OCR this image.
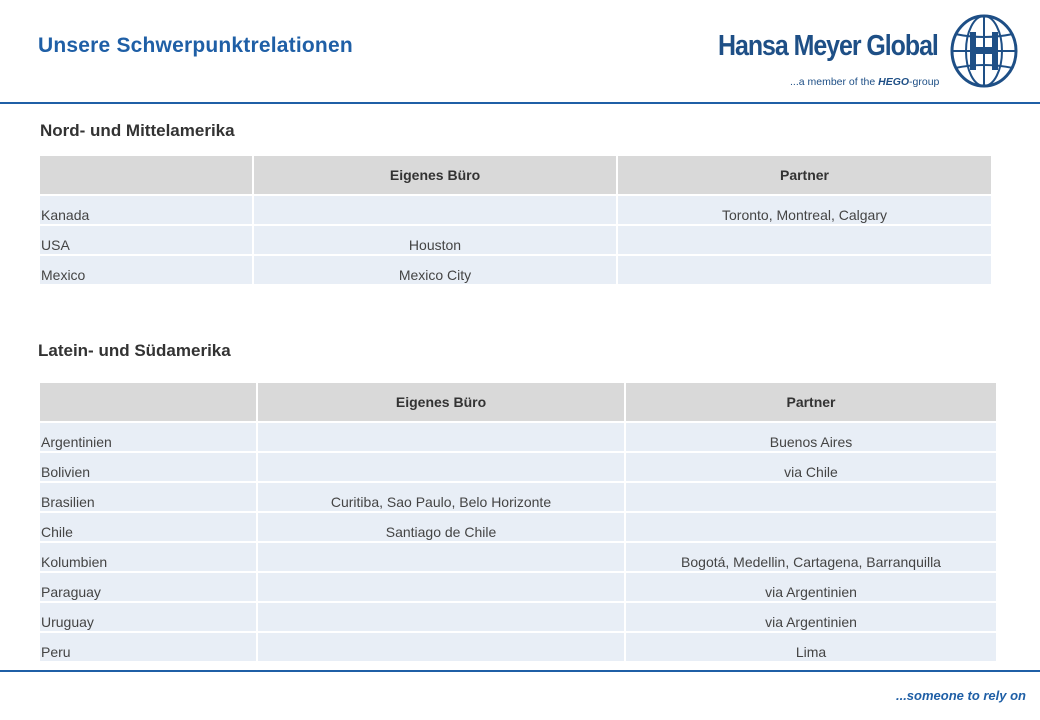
Unsere Schwerpunktrelationen	Hansa Meyer Global
...a member of the HEGO-group
Nord- und Mittelamerika
	Eigenes Büro	Partner
Kanada		Toronto, Montreal, Calgary
USA	Houston	
Mexico	Mexico City	
Latein- und Südamerika
	Eigenes Büro	Partner
Argentinien		Buenos Aires
Bolivien		via Chile
Brasilien	Curitiba, Sao Paulo, Belo Horizonte	
Chile	Santiago de Chile	
Kolumbien		Bogotá, Medellin, Cartagena, Barranquilla
Paraguay		via Argentinien
Uruguay		via Argentinien
Peru		Lima
...someone to rely on
